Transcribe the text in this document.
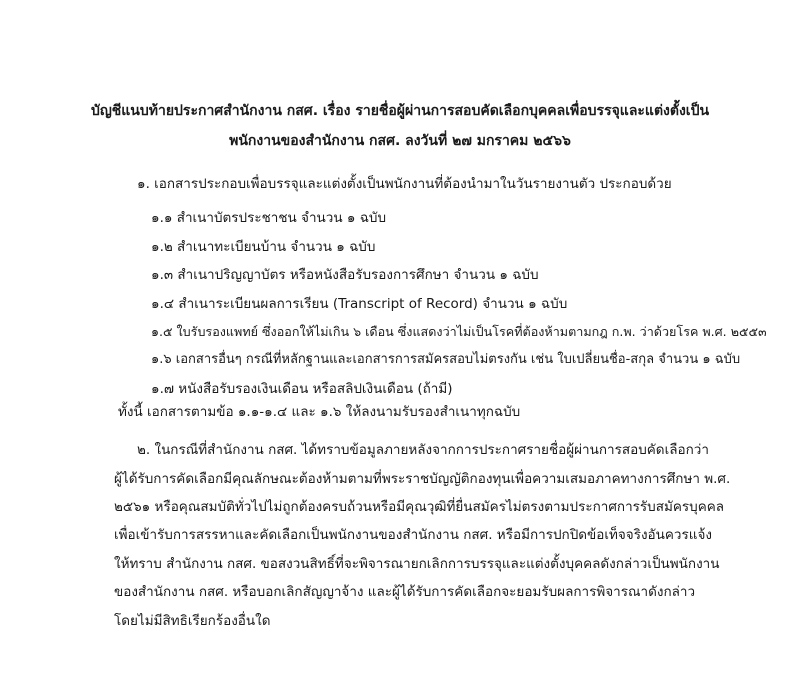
บัญชีแนบท้ายประกาศสำนักงาน กสศ. เรื่อง รายชื่อผู้ผ่านการสอบคัดเลือกบุคคลเพื่อบรรจุและแต่งตั้งเป็น
พนักงานของสำนักงาน กสศ. ลงวันที่ ๒๗ มกราคม ๒๕๖๖
๑. เอกสารประกอบเพื่อบรรจุและแต่งตั้งเป็นพนักงานที่ต้องนำมาในวันรายงานตัว ประกอบด้วย
๑.๑ สำเนาบัตรประชาชน จำนวน ๑ ฉบับ
๑.๒ สำเนาทะเบียนบ้าน จำนวน ๑ ฉบับ
๑.๓ สำเนาปริญญาบัตร หรือหนังสือรับรองการศึกษา จำนวน ๑ ฉบับ
๑.๔ สำเนาระเบียนผลการเรียน (Transcript of Record) จำนวน ๑ ฉบับ
๑.๕ ใบรับรองแพทย์ ซึ่งออกให้ไม่เกิน ๖ เดือน ซึ่งแสดงว่าไม่เป็นโรคที่ต้องห้ามตามกฎ ก.พ. ว่าด้วยโรค พ.ศ. ๒๕๕๓
๑.๖ เอกสารอื่นๆ กรณีที่หลักฐานและเอกสารการสมัครสอบไม่ตรงกัน เช่น ใบเปลี่ยนชื่อ-สกุล จำนวน ๑ ฉบับ
๑.๗ หนังสือรับรองเงินเดือน หรือสลิปเงินเดือน (ถ้ามี)
ทั้งนี้ เอกสารตามข้อ ๑.๑-๑.๔ และ ๑.๖ ให้ลงนามรับรองสำเนาทุกฉบับ
๒. ในกรณีที่สำนักงาน กสศ. ได้ทราบข้อมูลภายหลังจากการประกาศรายชื่อผู้ผ่านการสอบคัดเลือกว่า
ผู้ได้รับการคัดเลือกมีคุณลักษณะต้องห้ามตามที่พระราชบัญญัติกองทุนเพื่อความเสมอภาคทางการศึกษา พ.ศ.
๒๕๖๑ หรือคุณสมบัติทั่วไปไม่ถูกต้องครบถ้วนหรือมีคุณวุฒิที่ยื่นสมัครไม่ตรงตามประกาศการรับสมัครบุคคล
เพื่อเข้ารับการสรรหาและคัดเลือกเป็นพนักงานของสำนักงาน กสศ. หรือมีการปกปิดข้อเท็จจริงอันควรแจ้ง
ให้ทราบ สำนักงาน กสศ. ขอสงวนสิทธิ์ที่จะพิจารณายกเลิกการบรรจุและแต่งตั้งบุคคลดังกล่าวเป็นพนักงาน
ของสำนักงาน กสศ. หรือบอกเลิกสัญญาจ้าง และผู้ได้รับการคัดเลือกจะยอมรับผลการพิจารณาดังกล่าว
โดยไม่มีสิทธิเรียกร้องอื่นใด
